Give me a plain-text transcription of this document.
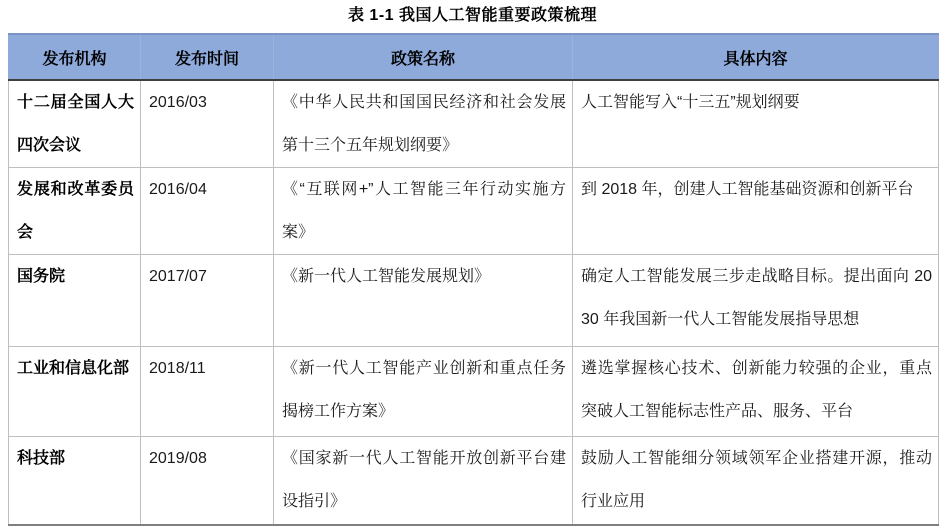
表 1-1 我国人工智能重要政策梳理
发布机构	发布时间	政策名称	具体内容
十二届全国人大四次会议	2016/03	《中华人民共和国国民经济和社会发展第十三个五年规划纲要》	人工智能写入“十三五”规划纲要
发展和改革委员会	2016/04	《“互联网+”人工智能三年行动实施方案》	到 2018 年，创建人工智能基础资源和创新平台
国务院	2017/07	《新一代人工智能发展规划》	确定人工智能发展三步走战略目标。提出面向 2030 年我国新一代人工智能发展指导思想
工业和信息化部	2018/11	《新一代人工智能产业创新和重点任务揭榜工作方案》	遴选掌握核心技术、创新能力较强的企业，重点突破人工智能标志性产品、服务、平台
科技部	2019/08	《国家新一代人工智能开放创新平台建设指引》	鼓励人工智能细分领域领军企业搭建开源，推动行业应用
